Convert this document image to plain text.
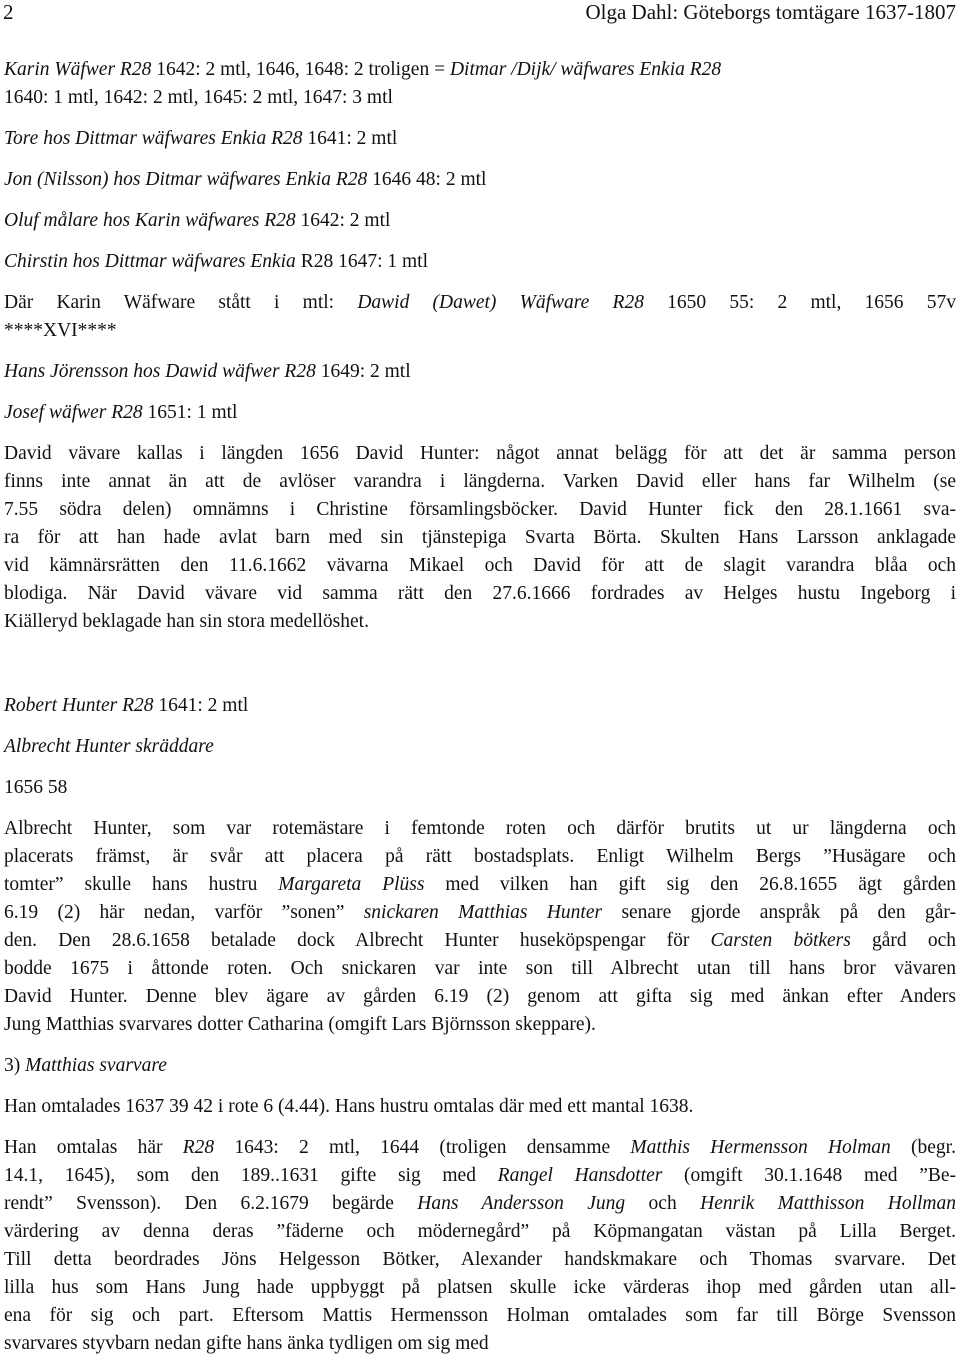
2	Olga Dahl: Göteborgs tomtägare 1637-1807

Karin Wäfwer R28 1642: 2 mtl, 1646, 1648: 2 troligen = Ditmar /Dijk/ wäfwares Enkia R28
1640: 1 mtl, 1642: 2 mtl, 1645: 2 mtl, 1647: 3 mtl

Tore hos Dittmar wäfwares Enkia R28 1641: 2 mtl

Jon (Nilsson) hos Ditmar wäfwares Enkia R28 1646 48: 2 mtl

Oluf målare hos Karin wäfwares R28 1642: 2 mtl

Chirstin hos Dittmar wäfwares Enkia R28 1647: 1 mtl

Där Karin Wäfware stått i mtl: Dawid (Dawet) Wäfware R28 1650 55: 2 mtl, 1656 57v
****XVI****

Hans Jörensson hos Dawid wäfwer R28 1649: 2 mtl

Josef wäfwer R28 1651: 1 mtl

David vävare kallas i längden 1656 David Hunter: något annat belägg för att det är samma person
finns inte annat än att de avlöser varandra i längderna. Varken David eller hans far Wilhelm (se
7.55 södra delen) omnämns i Christine församlingsböcker. David Hunter fick den 28.1.1661 sva-
ra för att han hade avlat barn med sin tjänstepiga Svarta Börta. Skulten Hans Larsson anklagade
vid kämnärsrätten den 11.6.1662 vävarna Mikael och David för att de slagit varandra blåa och
blodiga. När David vävare vid samma rätt den 27.6.1666 fordrades av Helges hustu Ingeborg i
Kiälleryd beklagade han sin stora medellöshet.

Robert Hunter R28 1641: 2 mtl

Albrecht Hunter skräddare

1656 58

Albrecht Hunter, som var rotemästare i femtonde roten och därför brutits ut ur längderna och
placerats främst, är svår att placera på rätt bostadsplats. Enligt Wilhelm Bergs ”Husägare och
tomter” skulle hans hustru Margareta Plüss med vilken han gift sig den 26.8.1655 ägt gården
6.19 (2) här nedan, varför ”sonen” snickaren Matthias Hunter senare gjorde anspråk på den går-
den. Den 28.6.1658 betalade dock Albrecht Hunter huseköpspengar för Carsten bötkers gård och
bodde 1675 i åttonde roten. Och snickaren var inte son till Albrecht utan till hans bror vävaren
David Hunter. Denne blev ägare av gården 6.19 (2) genom att gifta sig med änkan efter Anders
Jung Matthias svarvares dotter Catharina (omgift Lars Björnsson skeppare).

3) Matthias svarvare

Han omtalades 1637 39 42 i rote 6 (4.44). Hans hustru omtalas där med ett mantal 1638.

Han omtalas här R28 1643: 2 mtl, 1644 (troligen densamme Matthis Hermensson Holman (begr.
14.1, 1645), som den 189..1631 gifte sig med Rangel Hansdotter (omgift 30.1.1648 med ”Be-
rendt” Svensson). Den 6.2.1679 begärde Hans Andersson Jung och Henrik Matthisson Hollman
värdering av denna deras ”fäderne och mödernegård” på Köpmangatan västan på Lilla Berget.
Till detta beordrades Jöns Helgesson Bötker, Alexander handskmakare och Thomas svarvare. Det
lilla hus som Hans Jung hade uppbyggt på platsen skulle icke värderas ihop med gården utan all-
ena för sig och part. Eftersom Mattis Hermensson Holman omtalades som far till Börge Svensson
svarvares styvbarn nedan gifte hans änka tydligen om sig med
